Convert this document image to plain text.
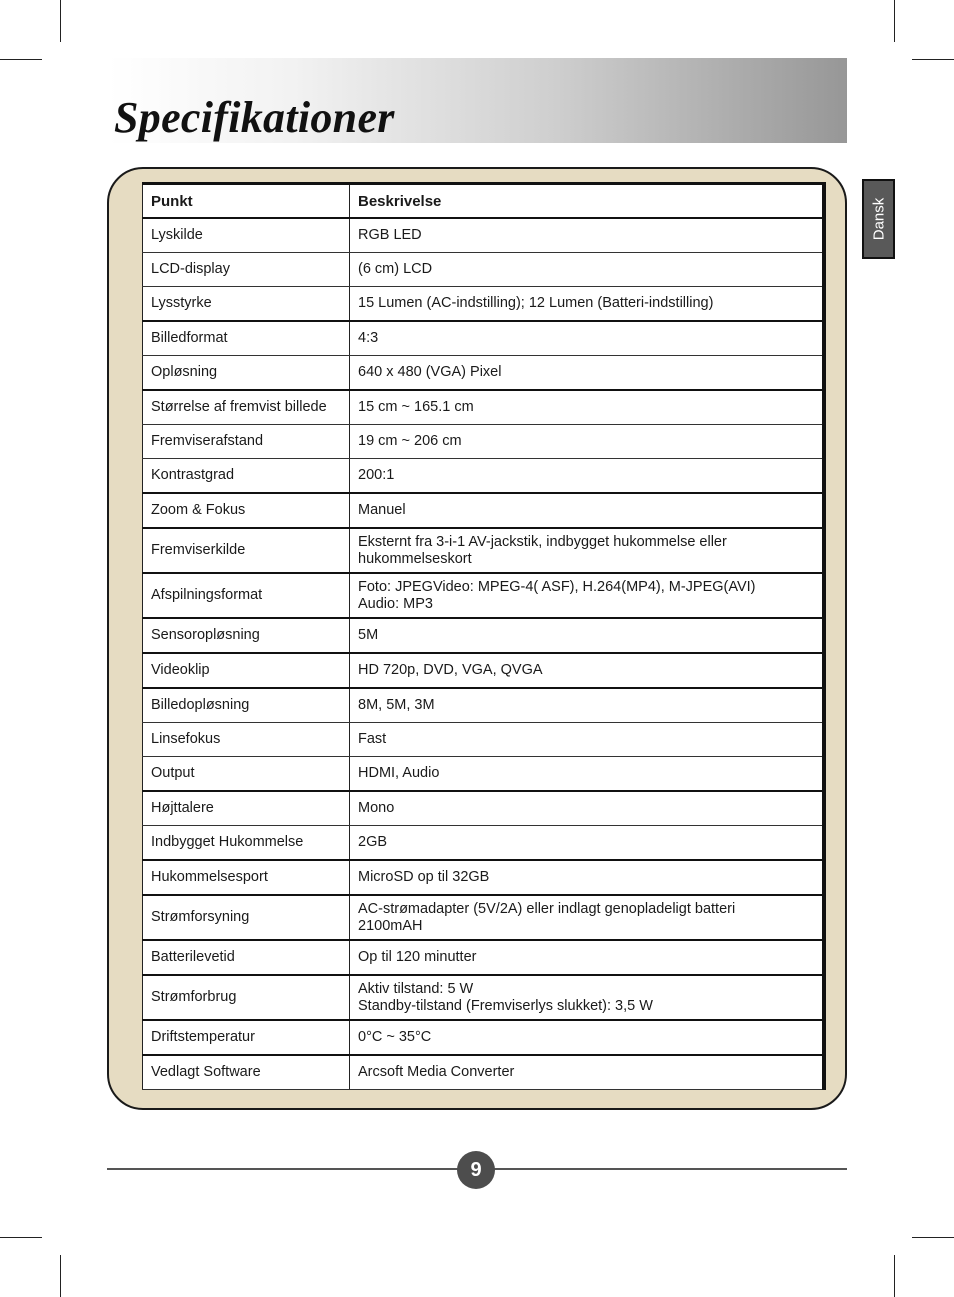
Specifikationer
Dansk
Punkt	Beskrivelse
Lyskilde	RGB LED

LCD-display	(6 cm) LCD

Lysstyrke	15 Lumen (AC-indstilling); 12 Lumen (Batteri-indstilling)

Billedformat	4:3

Opløsning	640 x 480 (VGA) Pixel

Størrelse af fremvist billede	15 cm ~ 165.1 cm

Fremviserafstand	19 cm ~ 206 cm

Kontrastgrad	200:1

Zoom & Fokus	Manuel

Fremviserkilde	Eksternt fra 3-i-1 AV-jackstik, indbygget hukommelse eller
hukommelseskort

Afspilningsformat	Foto: JPEGVideo: MPEG-4( ASF), H.264(MP4), M-JPEG(AVI)
Audio: MP3

Sensoropløsning	5M

Videoklip	HD 720p, DVD, VGA, QVGA

Billedopløsning	8M, 5M, 3M

Linsefokus	Fast

Output	HDMI, Audio

Højttalere	Mono

Indbygget Hukommelse	2GB

Hukommelsesport	MicroSD op til 32GB

Strømforsyning	AC-strømadapter (5V/2A) eller indlagt genopladeligt batteri
2100mAH

Batterilevetid	Op til 120 minutter

Strømforbrug	Aktiv tilstand: 5 W
Standby-tilstand (Fremviserlys slukket): 3,5 W

Driftstemperatur	0°C ~ 35°C

Vedlagt Software	Arcsoft Media Converter
9
